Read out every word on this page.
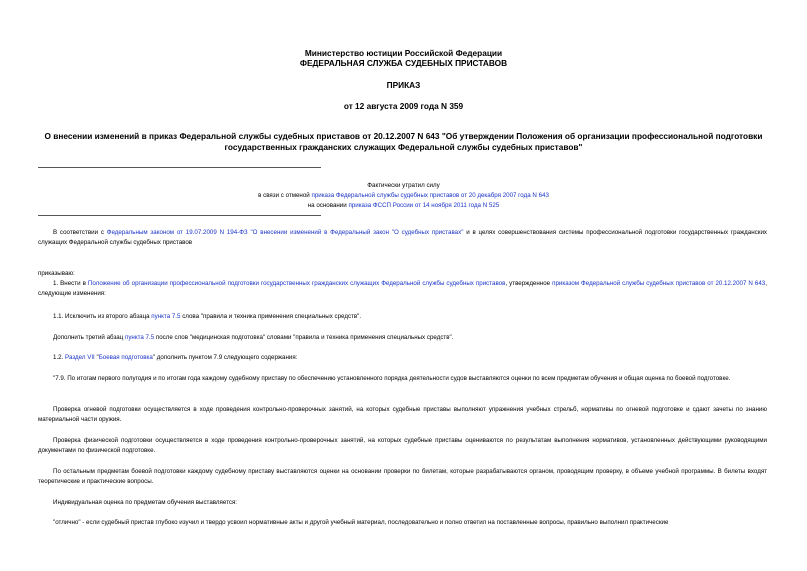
Министерство юстиции Российской Федерации
ФЕДЕРАЛЬНАЯ СЛУЖБА СУДЕБНЫХ ПРИСТАВОВ
ПРИКАЗ
от 12 августа 2009 года N 359
О внесении изменений в приказ Федеральной службы судебных приставов от 20.12.2007 N 643 "Об утверждении Положения об организации профессиональной подготовки государственных гражданских служащих Федеральной службы судебных приставов"
Фактически утратил силу
в связи с отменой приказа Федеральной службы судебных приставов от 20 декабря 2007 года N 643
на основании приказа ФССП России от 14 ноября 2011 года N 525
В соответствии с Федеральным законом от 19.07.2009 N 194-ФЗ "О внесении изменений в Федеральный закон "О судебных приставах" и в целях совершенствования системы профессиональной подготовки государственных гражданских служащих Федеральной службы судебных приставов
приказываю:
1. Внести в Положение об организации профессиональной подготовки государственных гражданских служащих Федеральной службы судебных приставов, утвержденное приказом Федеральной службы судебных приставов от 20.12.2007 N 643, следующие изменения:
1.1. Исключить из второго абзаца пункта 7.5 слова "правила и техника применения специальных средств".
Дополнить третий абзац пункта 7.5 после слов "медицинская подготовка" словами "правила и техника применения специальных средств".
1.2. Раздел VII "Боевая подготовка" дополнить пунктом 7.9 следующего содержания:
"7.9. По итогам первого полугодия и по итогам года каждому судебному приставу по обеспечению установленного порядка деятельности судов выставляются оценки по всем предметам обучения и общая оценка по боевой подготовке.
Проверка огневой подготовки осуществляется в ходе проведения контрольно-проверочных занятий, на которых судебные приставы выполняют упражнения учебных стрельб, нормативы по огневой подготовке и сдают зачеты по знанию материальной части оружия.
Проверка физической подготовки осуществляется в ходе проведения контрольно-проверочных занятий, на которых судебные приставы оцениваются по результатам выполнения нормативов, установленных действующими руководящими документами по физической подготовке.
По остальным предметам боевой подготовки каждому судебному приставу выставляются оценки на основании проверки по билетам, которые разрабатываются органом, проводящим проверку, в объеме учебной программы. В билеты входят теоретические и практические вопросы.
Индивидуальная оценка по предметам обучения выставляется:
"отлично" - если судебный пристав глубоко изучил и твердо усвоил нормативные акты и другой учебный материал, последовательно и полно ответил на поставленные вопросы, правильно выполнил практические
